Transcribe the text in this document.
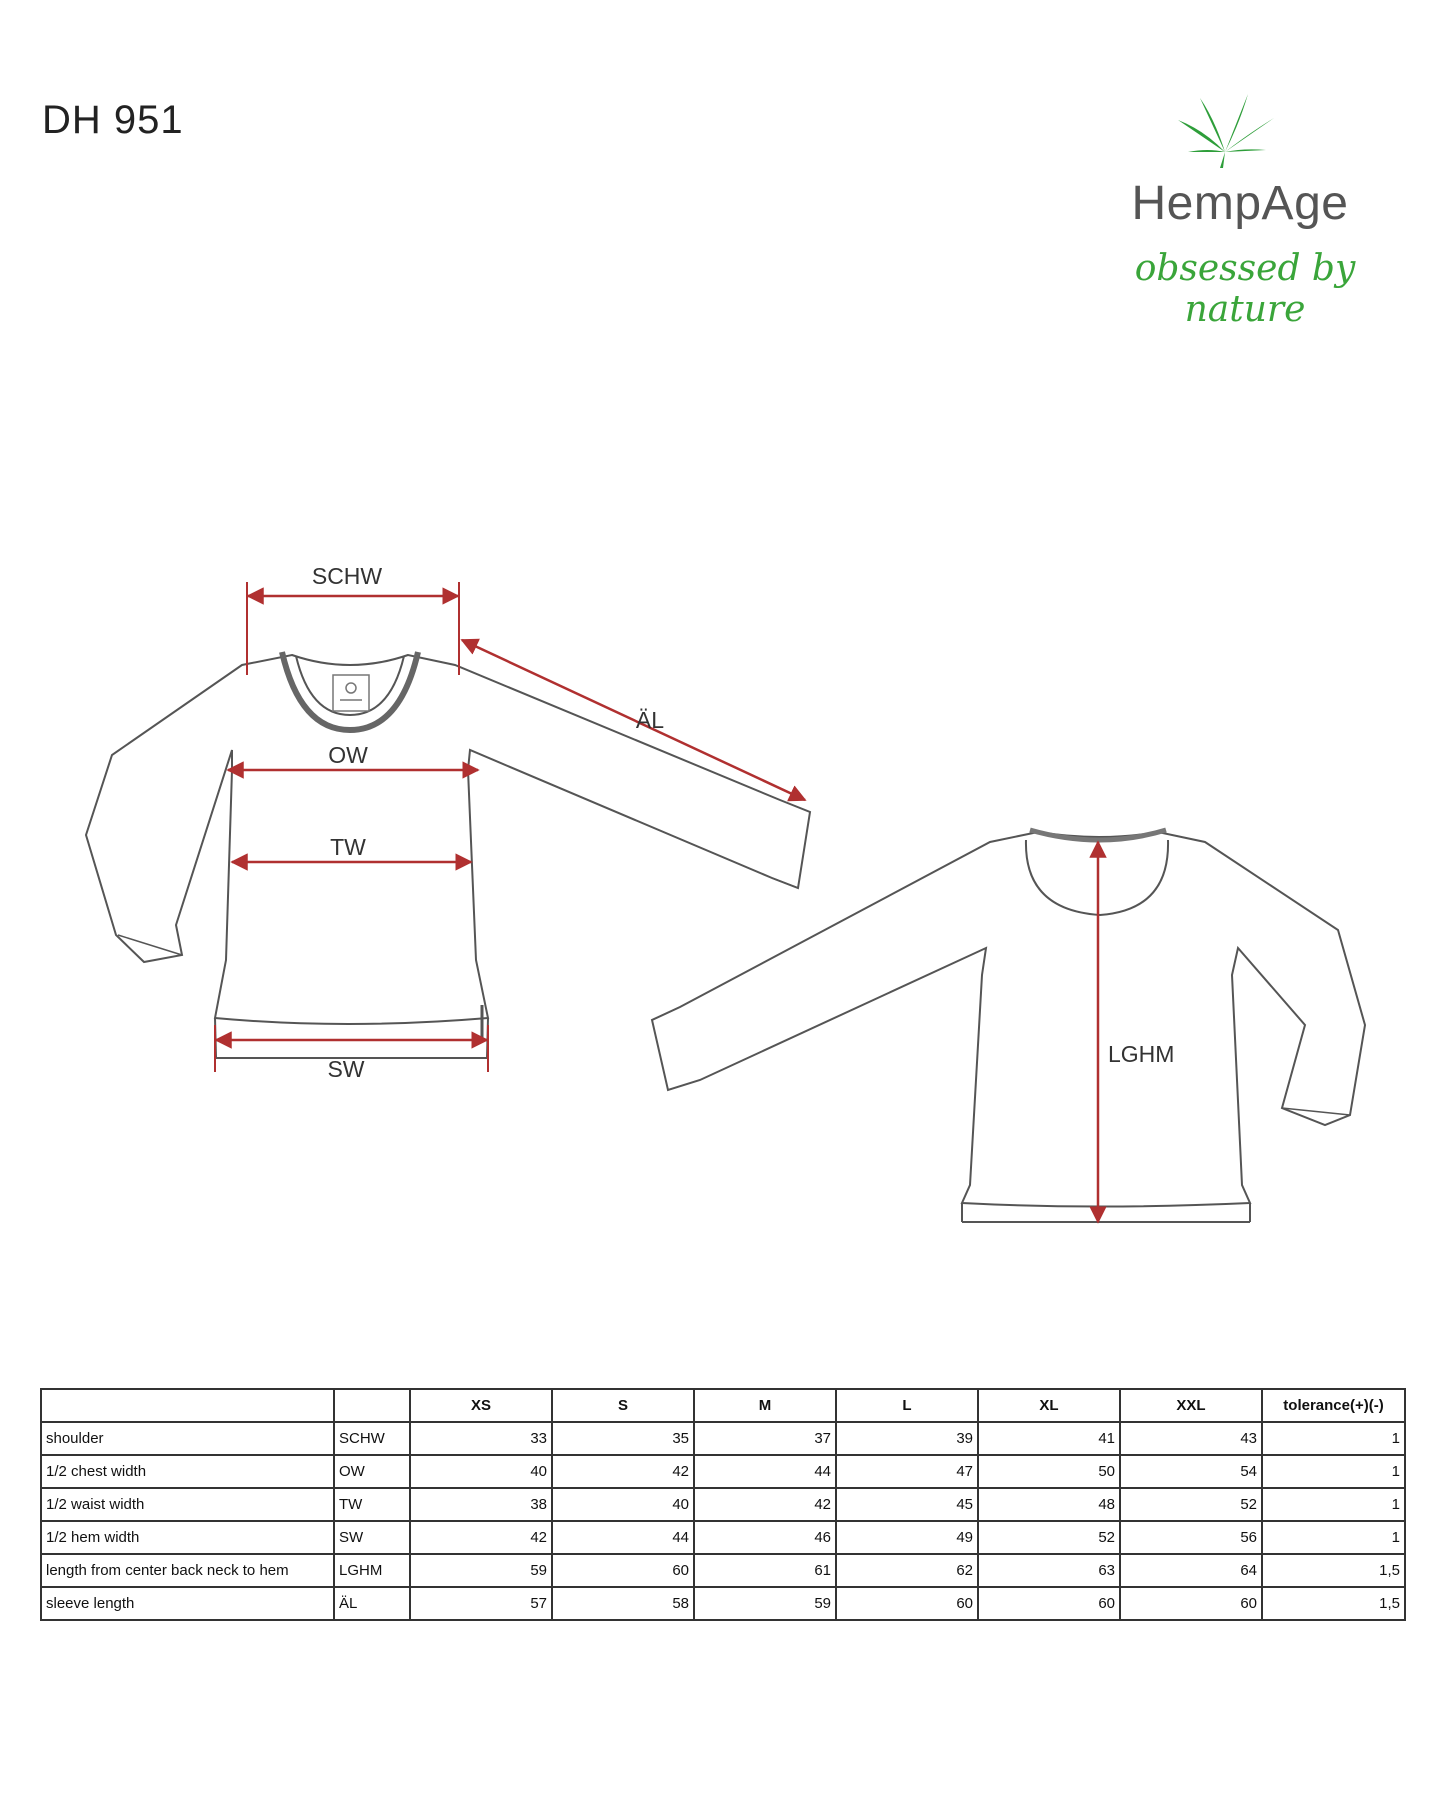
DH 951
HempAge
obsessed by nature
SCHW
ÄL
OW
TW
SW
LGHM
		XS	S	M	L	XL	XXL	tolerance(+)(-)
shoulder	SCHW	33	35	37	39	41	43	1
1/2 chest width	OW	40	42	44	47	50	54	1
1/2 waist width	TW	38	40	42	45	48	52	1
1/2 hem width	SW	42	44	46	49	52	56	1
length from center back neck to hem	LGHM	59	60	61	62	63	64	1,5
sleeve length	ÄL	57	58	59	60	60	60	1,5
